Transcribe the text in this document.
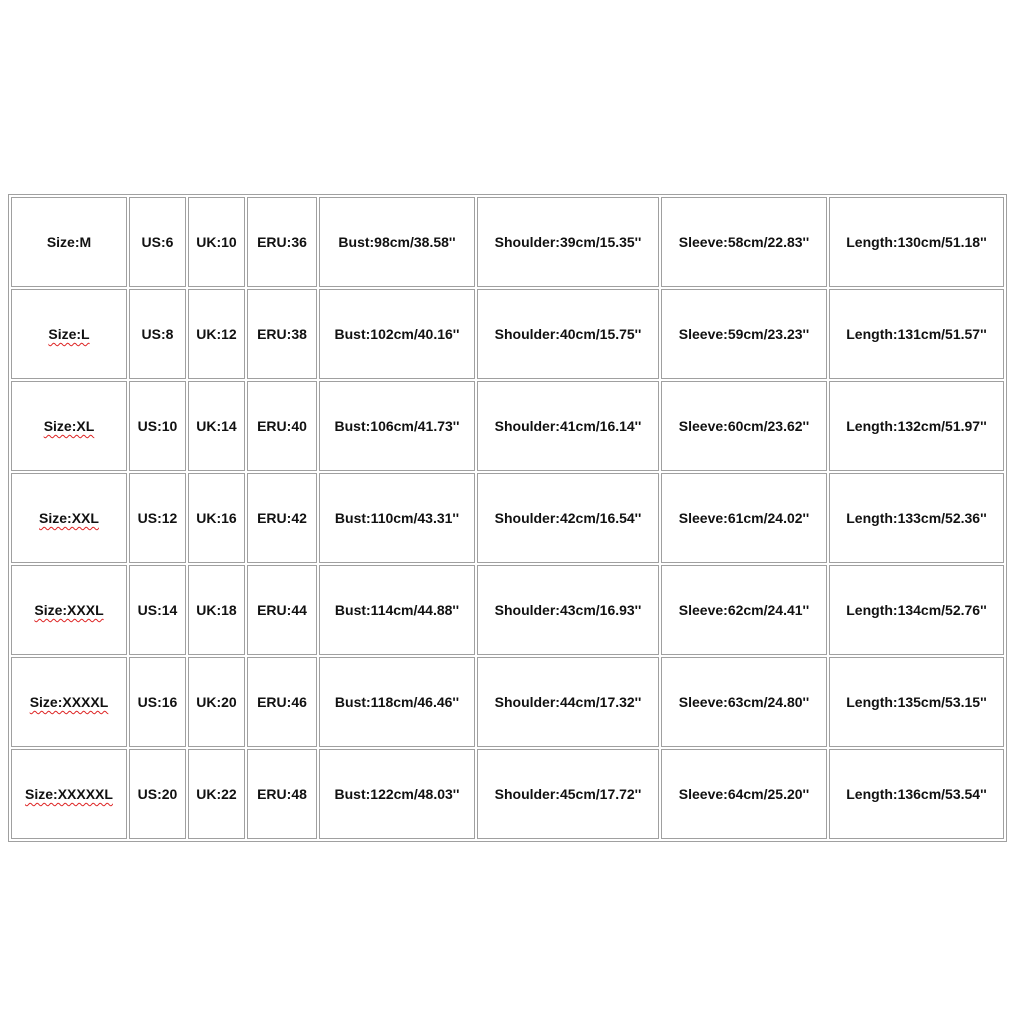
Size:M	US:6	UK:10	ERU:36	Bust:98cm/38.58''	Shoulder:39cm/15.35''	Sleeve:58cm/22.83''	Length:130cm/51.18''
Size:L	US:8	UK:12	ERU:38	Bust:102cm/40.16''	Shoulder:40cm/15.75''	Sleeve:59cm/23.23''	Length:131cm/51.57''
Size:XL	US:10	UK:14	ERU:40	Bust:106cm/41.73''	Shoulder:41cm/16.14''	Sleeve:60cm/23.62''	Length:132cm/51.97''
Size:XXL	US:12	UK:16	ERU:42	Bust:110cm/43.31''	Shoulder:42cm/16.54''	Sleeve:61cm/24.02''	Length:133cm/52.36''
Size:XXXL	US:14	UK:18	ERU:44	Bust:114cm/44.88''	Shoulder:43cm/16.93''	Sleeve:62cm/24.41''	Length:134cm/52.76''
Size:XXXXL	US:16	UK:20	ERU:46	Bust:118cm/46.46''	Shoulder:44cm/17.32''	Sleeve:63cm/24.80''	Length:135cm/53.15''
Size:XXXXXL	US:20	UK:22	ERU:48	Bust:122cm/48.03''	Shoulder:45cm/17.72''	Sleeve:64cm/25.20''	Length:136cm/53.54''
